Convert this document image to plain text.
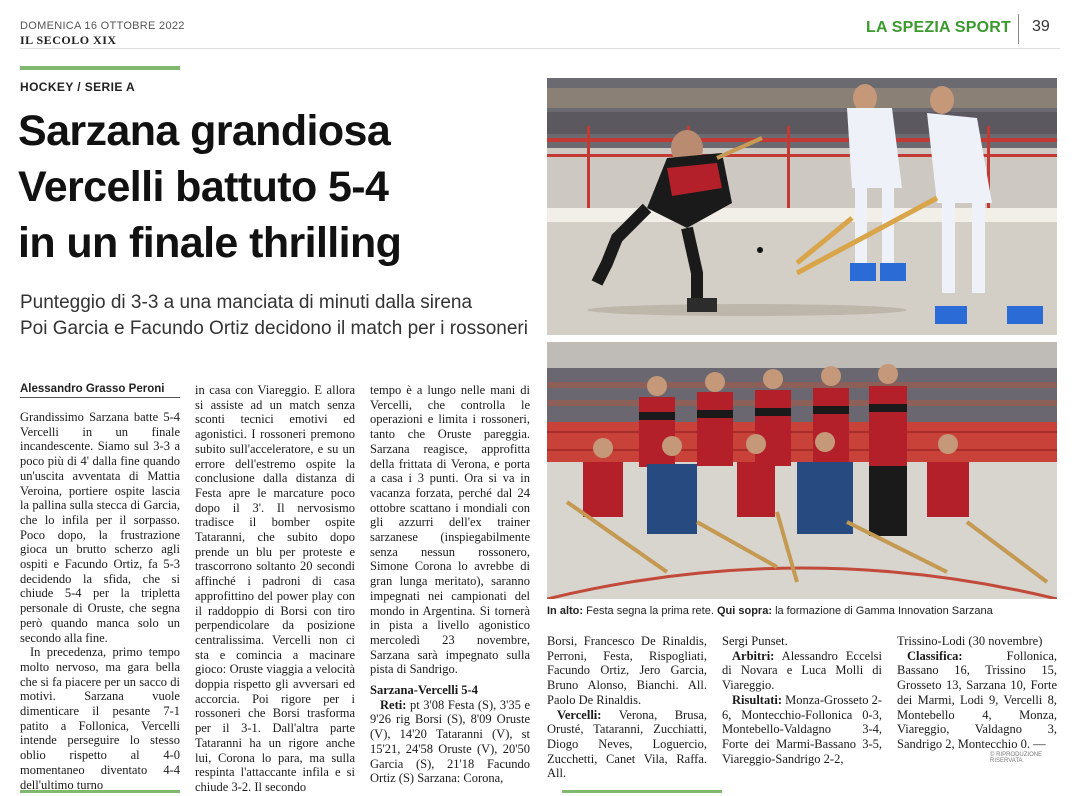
DOMENICA 16 OTTOBRE 2022
IL SECOLO XIX
LA SPEZIA SPORT 39
HOCKEY / SERIE A
Sarzana grandiosa
Vercelli battuto 5-4
in un finale thrilling
Punteggio di 3-3 a una manciata di minuti dalla sirena
Poi Garcia e Facundo Ortiz decidono il match per i rossoneri
Alessandro Grasso Peroni

Grandissimo Sarzana batte 5-4 Vercelli in un finale incandescente. Siamo sul 3-3 a poco più di 4' dalla fine quando un'uscita avventata di Mattia Veroina, portiere ospite lascia la pallina sulla stecca di Garcia, che lo infila per il sorpasso. Poco dopo, la frustrazione gioca un brutto scherzo agli ospiti e Facundo Ortiz, fa 5-3 decidendo la sfida, che si chiude 5-4 per la tripletta personale di Oruste, che segna però quando manca solo un secondo alla fine.

In precedenza, primo tempo molto nervoso, ma gara bella che si fa piacere per un sacco di motivi. Sarzana vuole dimenticare il pesante 7-1 patito a Follonica, Vercelli intende perseguire lo stesso oblio rispetto al 4-0 momentaneo diventato 4-4 dell'ultimo turno

in casa con Viareggio. E allora si assiste ad un match senza sconti tecnici emotivi ed agonistici. I rossoneri premono subito sull'acceleratore, e su un errore dell'estremo ospite la conclusione dalla distanza di Festa apre le marcature poco dopo il 3'. Il nervosismo tradisce il bomber ospite Tataranni, che subito dopo prende un blu per proteste e trascorrono soltanto 20 secondi affinché i padroni di casa approfittino del power play con il raddoppio di Borsi con tiro perpendicolare da posizione centralissima. Vercelli non ci sta e comincia a macinare gioco: Oruste viaggia a velocità doppia rispetto gli avversari ed accorcia. Poi rigore per i rossoneri che Borsi trasforma per il 3-1. Dall'altra parte Tataranni ha un rigore anche lui, Corona lo para, ma sulla respinta l'attaccante infila e si chiude 3-2. Il secondo

tempo è a lungo nelle mani di Vercelli, che controlla le operazioni e limita i rossoneri, tanto che Oruste pareggia. Sarzana reagisce, approfitta della frittata di Verona, e porta a casa i 3 punti. Ora si va in vacanza forzata, perché dal 24 ottobre scattano i mondiali con gli azzurri dell'ex trainer sarzanese (inspiegabilmente senza nessun rossonero, Simone Corona lo avrebbe di gran lunga meritato), saranno impegnati nei campionati del mondo in Argentina. Si tornerà in pista a livello agonistico mercoledì 23 novembre, Sarzana sarà impegnato sulla pista di Sandrigo.

Sarzana-Vercelli 5-4

Reti: pt 3'08 Festa (S), 3'35 e 9'26 rig Borsi (S), 8'09 Oruste (V), 14'20 Tataranni (V), st 15'21, 24'58 Oruste (V), 20'50 Garcia (S), 21'18 Facundo Ortiz (S) Sarzana: Corona,

In alto: Festa segna la prima rete. Qui sopra: la formazione di Gamma Innovation Sarzana

Borsi, Francesco De Rinaldis, Perroni, Festa, Rispogliati, Facundo Ortiz, Jero Garcia, Bruno Alonso, Bianchi. All. Paolo De Rinaldis.

Vercelli: Verona, Brusa, Orusté, Tataranni, Zucchiatti, Diogo Neves, Loguercio, Zucchetti, Canet Vila, Raffa. All.

Sergi Punset.

Arbitri: Alessandro Eccelsi di Novara e Luca Molli di Viareggio.

Risultati: Monza-Grosseto 2-6, Montecchio-Follonica 0-3, Montebello-Valdagno 3-4, Forte dei Marmi-Bassano 3-5, Viareggio-Sandrigo 2-2,

Trissino-Lodi (30 novembre)

Classifica:	Follonica, Bassano 16, Trissino 15, Grosseto 13, Sarzana 10, Forte dei Marmi, Lodi 9, Vercelli 8, Montebello 4, Monza, Viareggio, Valdagno 3, Sandrigo 2, Montecchio 0. —

© RIPRODUZIONE RISERVATA
